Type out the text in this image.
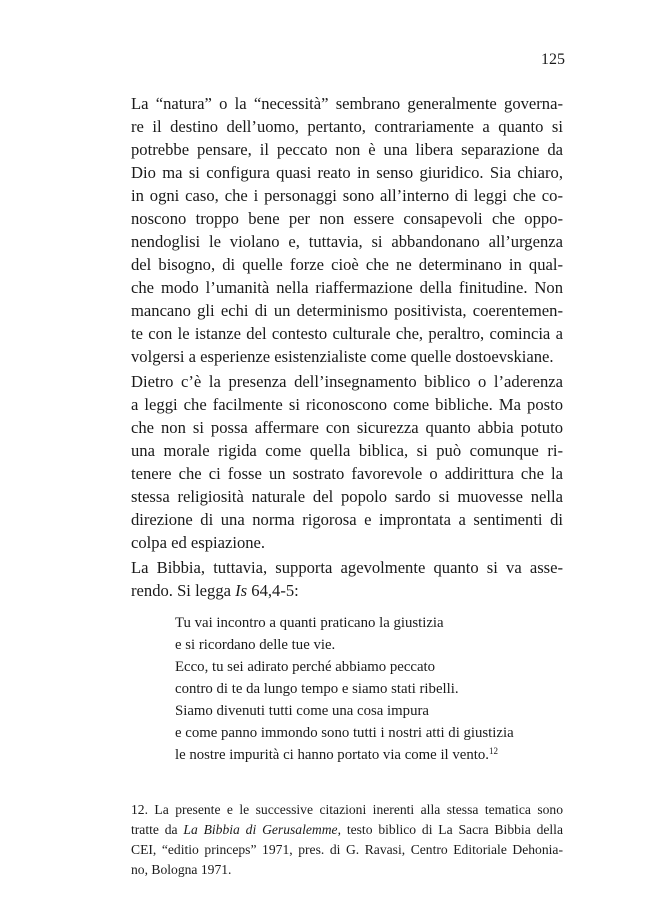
125
La “natura” o la “necessità” sembrano generalmente governa-
re il destino dell’uomo, pertanto, contrariamente a quanto si
potrebbe pensare, il peccato non è una libera separazione da
Dio ma si configura quasi reato in senso giuridico. Sia chiaro,
in ogni caso, che i personaggi sono all’interno di leggi che co-
noscono troppo bene per non essere consapevoli che oppo-
nendoglisi le violano e, tuttavia, si abbandonano all’urgenza
del bisogno, di quelle forze cioè che ne determinano in qual-
che modo l’umanità nella riaffermazione della finitudine. Non
mancano gli echi di un determinismo positivista, coerentemen-
te con le istanze del contesto culturale che, peraltro, comincia a
volgersi a esperienze esistenzialiste come quelle dostoevskiane.
Dietro c’è la presenza dell’insegnamento biblico o l’aderenza
a leggi che facilmente si riconoscono come bibliche. Ma posto
che non si possa affermare con sicurezza quanto abbia potuto
una morale rigida come quella biblica, si può comunque ri-
tenere che ci fosse un sostrato favorevole o addirittura che la
stessa religiosità naturale del popolo sardo si muovesse nella
direzione di una norma rigorosa e improntata a sentimenti di
colpa ed espiazione.
La Bibbia, tuttavia, supporta agevolmente quanto si va asse-
rendo. Si legga Is 64,4-5:
Tu vai incontro a quanti praticano la giustizia
e si ricordano delle tue vie.
Ecco, tu sei adirato perché abbiamo peccato
contro di te da lungo tempo e siamo stati ribelli.
Siamo divenuti tutti come una cosa impura
e come panno immondo sono tutti i nostri atti di giustizia
le nostre impurità ci hanno portato via come il vento.$^{12}$
12. La presente e le successive citazioni inerenti alla stessa tematica sono
tratte da La Bibbia di Gerusalemme, testo biblico di La Sacra Bibbia della
CEI, “editio princeps” 1971, pres. di G. Ravasi, Centro Editoriale Dehonia-
no, Bologna 1971.
